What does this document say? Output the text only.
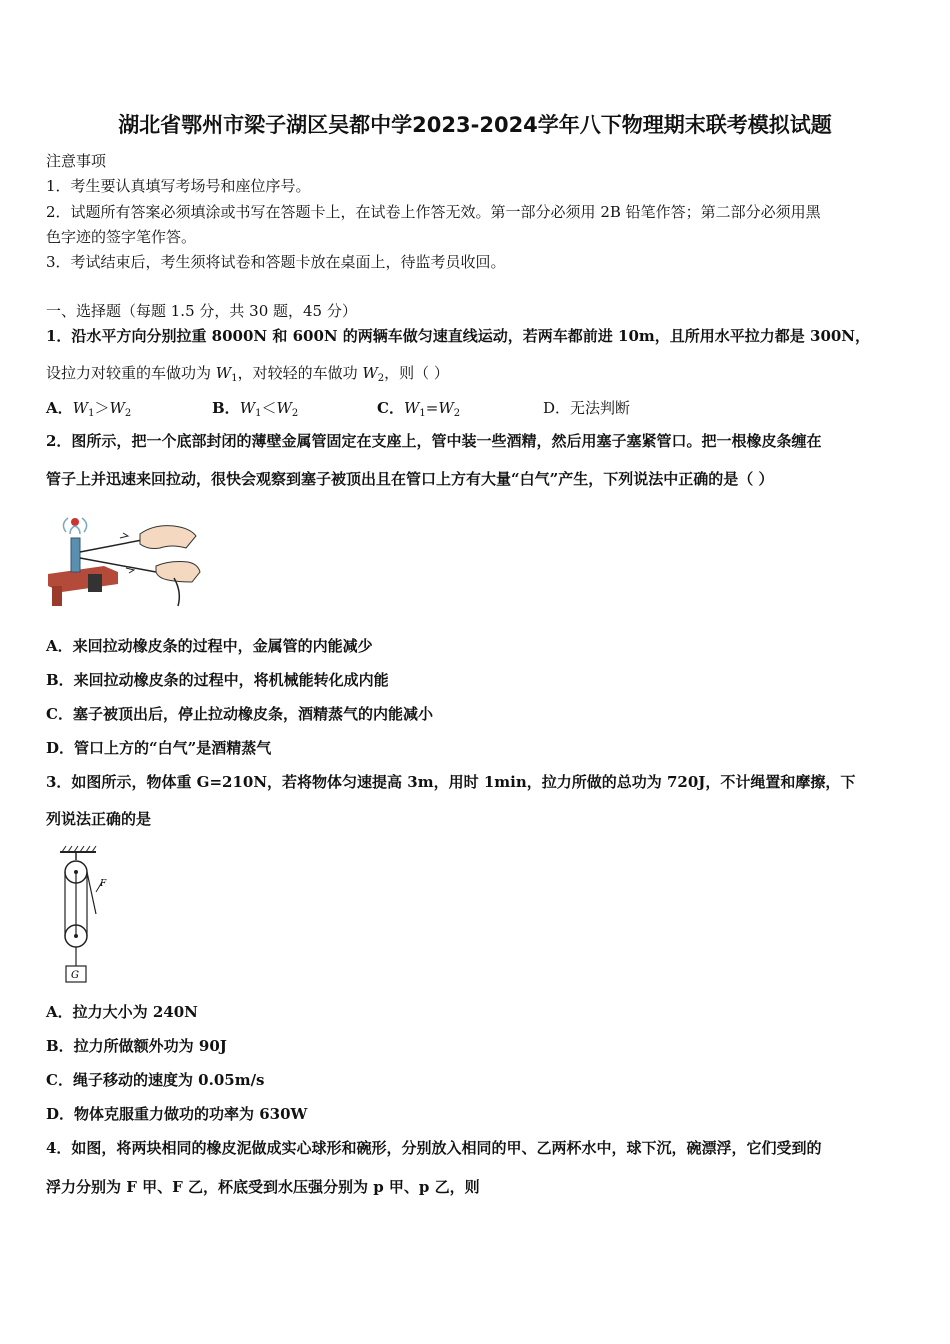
湖北省鄂州市梁子湖区吴都中学2023-2024学年八下物理期末联考模拟试题
注意事项
1．考生要认真填写考场号和座位序号。
2．试题所有答案必须填涂或书写在答题卡上，在试卷上作答无效。第一部分必须用 2B 铅笔作答；第二部分必须用黑
色字迹的签字笔作答。
3．考试结束后，考生须将试卷和答题卡放在桌面上，待监考员收回。
一、选择题（每题 1.5 分，共 30 题，45 分）
1．沿水平方向分别拉重 8000N 和 600N 的两辆车做匀速直线运动，若两车都前进 10m，且所用水平拉力都是 300N，
设拉力对较重的车做功为 $W_1$，对较轻的车做功 $W_2$，则（ ）
A．$W_1>W_2$	B．$W_1<W_2$	C．$W_1=W_2$	D．无法判断
2．图所示，把一个底部封闭的薄壁金属管固定在支座上，管中装一些酒精，然后用塞子塞紧管口。把一根橡皮条缠在
管子上并迅速来回拉动，很快会观察到塞子被顶出且在管口上方有大量“白气”产生，下列说法中正确的是（ ）
A．来回拉动橡皮条的过程中，金属管的内能减少
B．来回拉动橡皮条的过程中，将机械能转化成内能
C．塞子被顶出后，停止拉动橡皮条，酒精蒸气的内能减小
D．管口上方的“白气”是酒精蒸气
3．如图所示，物体重 G=210N，若将物体匀速提高 3m，用时 1min，拉力所做的总功为 720J，不计绳置和摩擦，下
列说法正确的是
F
G
A．拉力大小为 240N
B．拉力所做额外功为 90J
C．绳子移动的速度为 0.05m/s
D．物体克服重力做功的功率为 630W
4．如图，将两块相同的橡皮泥做成实心球形和碗形，分别放入相同的甲、乙两杯水中，球下沉，碗漂浮，它们受到的
浮力分别为 F 甲、F 乙，杯底受到水压强分别为 p 甲、p 乙，则
